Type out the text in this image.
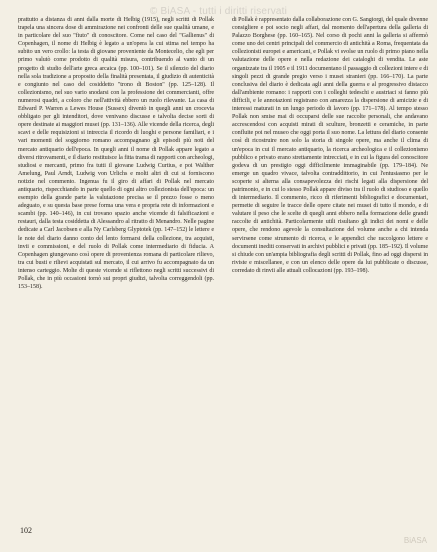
© BiASA - tutti i diritti riservati

prattutto a distanza di anni dalla morte di Helbig (1915), negli scritti di Pollak trapela una sincera dose di ammirazione nei confronti delle sue qualità umane, e in particolare del suo "fiuto" di conoscitore. Come nel caso del "Gallienus" di Copenhagen, il nome di Helbig è legato a un'opera la cui stima nel tempo ha subito un vero crollo: la testa di giovane proveniente da Montecelio, che egli per primo valutò come prodotto di qualità misura, contribuendo al vanto di un progetto di studio dell'arte greca arcaica (pp. 100–101). Se il silenzio del diario nella sola tradizione a proposito della finalità presentata, il giudizio di autenticità e congiunto nel caso del cosiddetto "trono di Boston" (pp. 125–128). Il collezionismo, nel suo vario snodarsi con la professione dei commercianti, offre numerosi quadri, a coloro che nell'attività ebbero un ruolo rilevante. La casa di Edward P. Warren a Lewes House (Sussex) diventò in quegli anni un crocevia obbligato per gli intenditori, dove venivano discusse e talvolta decise sorti di opere destinate ai maggiori musei (pp. 131–136). Alle vicende della ricerca, degli scavi e delle requisizioni si intreccia il ricordo di luoghi e persone familiari, e i vari momenti del soggiorno romano accompagnano gli episodi più noti del mercato antiquario dell'epoca. In quegli anni il nome di Pollak appare legato a diversi ritrovamenti, e il diario restituisce la fitta trama di rapporti con archeologi, studiosi e mercanti, primo fra tutti il giovane Ludwig Curtius, e poi Walther Amelung, Paul Arndt, Ludwig von Urlichs e molti altri di cui si forniscono notizie nel commento. Ingenua fu il giro di affari di Pollak nel mercato antiquario, rispecchiando in parte quello di ogni altro collezionista dell'epoca: un esempio della grande parte la valutazione precisa se il prezzo fosse o meno adeguato, e su questa base prese forma una vera e propria rete di informazioni e scambi (pp. 140–146), in cui trovano spazio anche vicende di falsificazioni e restauri, dalla testa cosiddetta di Alessandro al ritratto di Menandro. Nelle pagine dedicate a Carl Jacobsen e alla Ny Carlsberg Glyptotek (pp. 147–152) le lettere e le note del diario danno conto del lento formarsi della collezione, tra acquisti, invii e commissioni, e del ruolo di Pollak come intermediario di fiducia. A Copenhagen giungevano così opere di provenienza romana di particolare rilievo, tra cui busti e rilievi acquistati sul mercato, il cui arrivo fu accompagnato da un intenso carteggio. Molte di queste vicende si riflettono negli scritti successivi di Pollak, che in più occasioni tornò sui propri giudizi, talvolta correggendoli (pp. 153–158).

di Pollak è rappresentato dalla collaborazione con G. Sangiorgi, del quale divenne consigliere e poi socio negli affari, dal momento dell'apertura della galleria di Palazzo Borghese (pp. 160–165). Nel corso di pochi anni la galleria si affermò come uno dei centri principali del commercio di antichità a Roma, frequentata da collezionisti europei e americani, e Pollak vi svolse un ruolo di primo piano nella valutazione delle opere e nella redazione dei cataloghi di vendita. Le aste organizzate tra il 1905 e il 1911 documentano il passaggio di collezioni intere e di singoli pezzi di grande pregio verso i musei stranieri (pp. 166–170). La parte conclusiva del diario è dedicata agli anni della guerra e al progressivo distacco dall'ambiente romano: i rapporti con i colleghi tedeschi e austriaci si fanno più difficili, e le annotazioni registrano con amarezza la dispersione di amicizie e di interessi maturati in un lungo periodo di lavoro (pp. 171–178). Al tempo stesso Pollak non smise mai di occuparsi delle sue raccolte personali, che andavano accrescendosi con acquisti mirati di sculture, bronzetti e ceramiche, in parte confluite poi nel museo che oggi porta il suo nome. La lettura del diario consente così di ricostruire non solo la storia di singole opere, ma anche il clima di un'epoca in cui il mercato antiquario, la ricerca archeologica e il collezionismo pubblico e privato erano strettamente intrecciati, e in cui la figura del conoscitore godeva di un prestigio oggi difficilmente immaginabile (pp. 179–184). Ne emerge un quadro vivace, talvolta contraddittorio, in cui l'entusiasmo per le scoperte si alterna alla consapevolezza dei rischi legati alla dispersione del patrimonio, e in cui lo stesso Pollak appare diviso tra il ruolo di studioso e quello di intermediario. Il commento, ricco di riferimenti bibliografici e documentari, permette di seguire le tracce delle opere citate nei musei di tutto il mondo, e di valutare il peso che le scelte di quegli anni ebbero nella formazione delle grandi raccolte di antichità. Particolarmente utili risultano gli indici dei nomi e delle opere, che rendono agevole la consultazione del volume anche a chi intenda servirsene come strumento di ricerca, e le appendici che raccolgono lettere e documenti inediti conservati in archivi pubblici e privati (pp. 185–192). Il volume si chiude con un'ampia bibliografia degli scritti di Pollak, fino ad oggi dispersi in riviste e miscellanee, e con un elenco delle opere da lui pubblicate o discusse, corredato di rinvii alle attuali collocazioni (pp. 193–198).

102
BiASA
